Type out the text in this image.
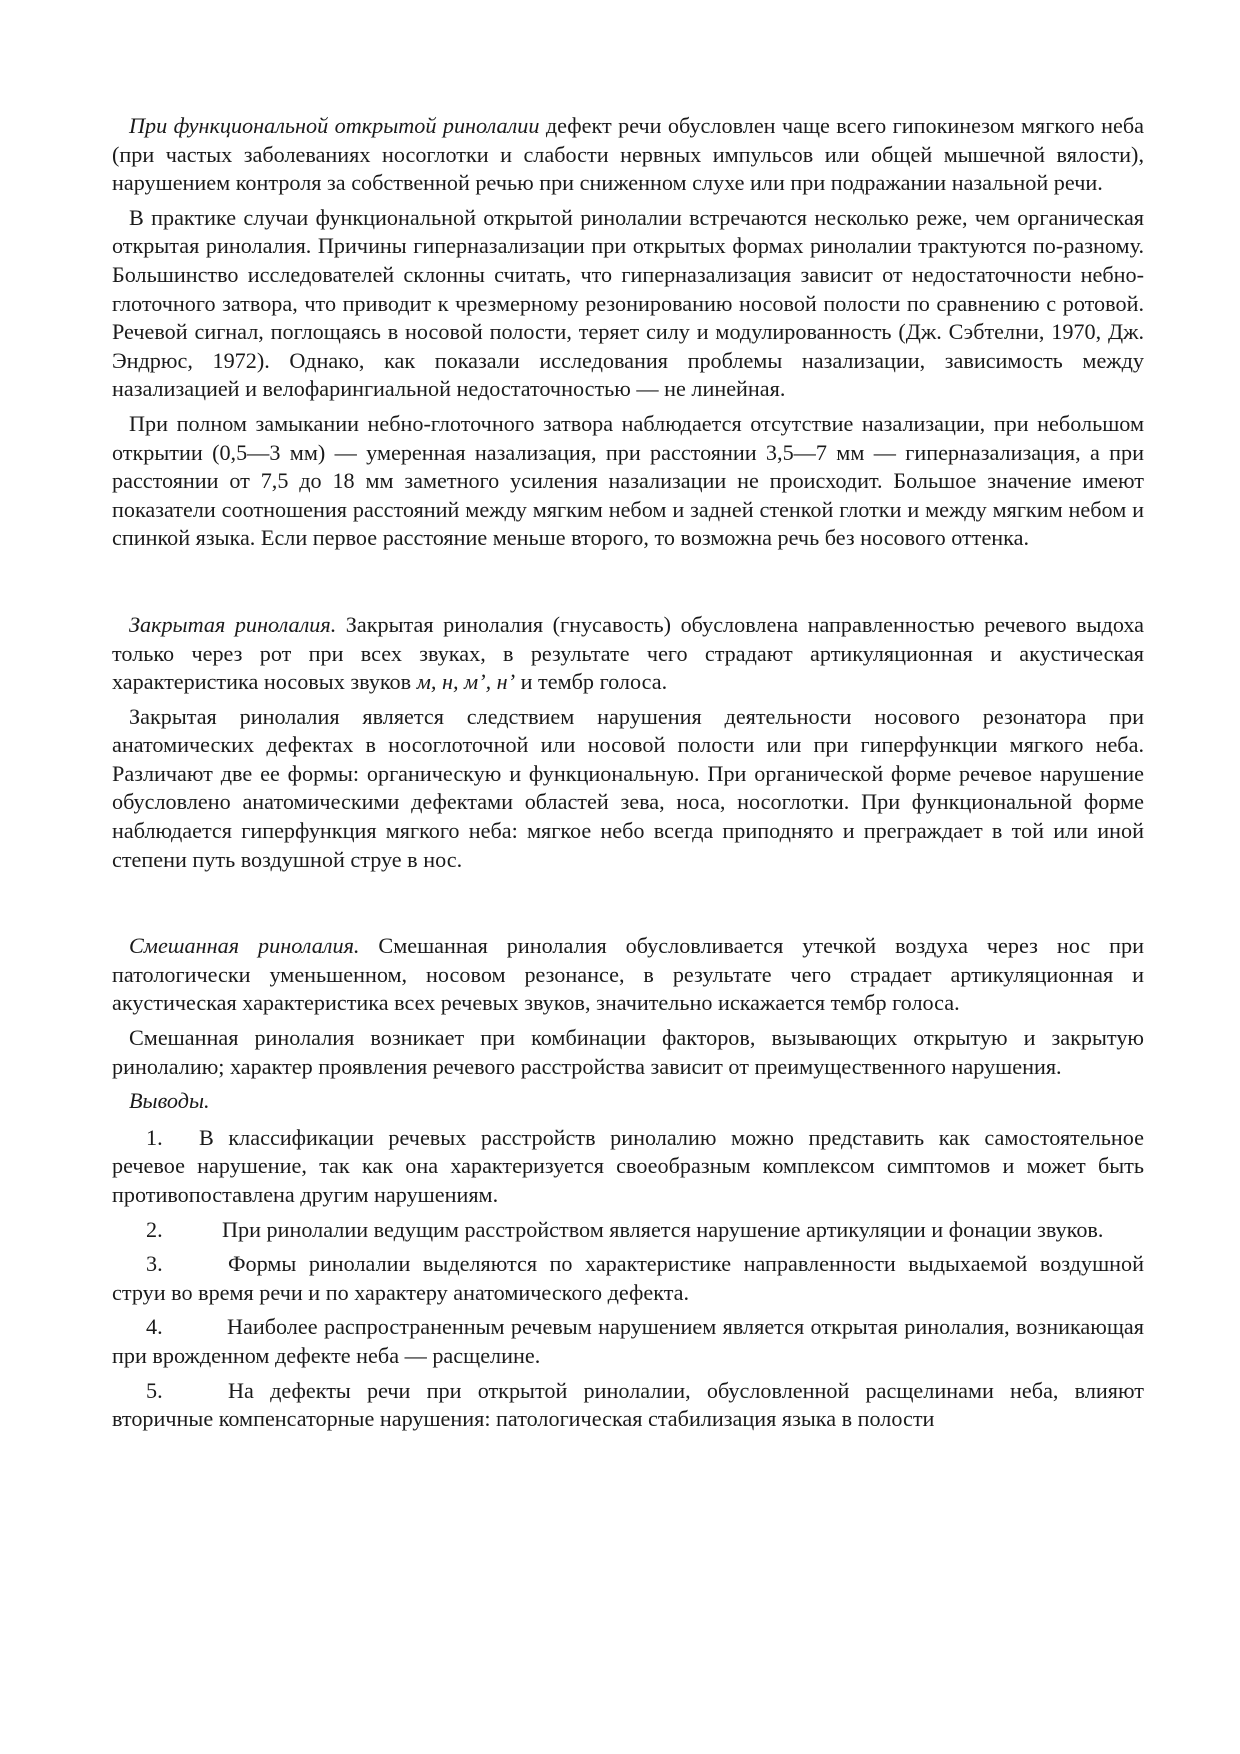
При функциональной открытой ринолалии дефект речи обусловлен чаще всего гипокинезом мягкого неба (при частых заболеваниях носоглотки и слабости нервных импульсов или общей мышечной вялости), нарушением контроля за собственной речью при сниженном слухе или при подражании назальной речи.

В практике случаи функциональной открытой ринолалии встречаются несколько реже, чем органическая открытая ринолалия. Причины гиперназализации при открытых формах ринолалии трактуются по-разному. Большинство исследователей склонны считать, что гиперназализация зависит от недостаточности небно-глоточного затвора, что приводит к чрезмерному резонированию носовой полости по сравнению с ротовой. Речевой сигнал, поглощаясь в носовой полости, теряет силу и модулированность (Дж. Сэбтелни, 1970, Дж. Эндрюс, 1972). Однако, как показали исследования проблемы назализации, зависимость между назализацией и велофарингиальной недостаточностью — не линейная.

При полном замыкании небно-глоточного затвора наблюдается отсутствие назализации, при небольшом открытии (0,5—3 мм) — умеренная назализация, при расстоянии 3,5—7 мм — гиперназализация, а при расстоянии от 7,5 до 18 мм заметного усиления назализации не происходит. Большое значение имеют показатели соотношения расстояний между мягким небом и задней стенкой глотки и между мягким небом и спинкой языка. Если первое расстояние меньше второго, то возможна речь без носового оттенка.

Закрытая ринолалия. Закрытая ринолалия (гнусавость) обусловлена направленностью речевого выдоха только через рот при всех звуках, в результате чего страдают артикуляционная и акустическая характеристика носовых звуков м, н, м’, н’ и тембр голоса.

Закрытая ринолалия является следствием нарушения деятельности носового резонатора при анатомических дефектах в носоглоточной или носовой полости или при гиперфункции мягкого неба. Различают две ее формы: органическую и функциональную. При органической форме речевое нарушение обусловлено анатомическими дефектами областей зева, носа, носоглотки. При функциональной форме наблюдается гиперфункция мягкого неба: мягкое небо всегда приподнято и преграждает в той или иной степени путь воздушной струе в нос.

Смешанная ринолалия. Смешанная ринолалия обусловливается утечкой воздуха через нос при патологически уменьшенном, носовом резонансе, в результате чего страдает артикуляционная и акустическая характеристика всех речевых звуков, значительно искажается тембр голоса.

Смешанная ринолалия возникает при комбинации факторов, вызывающих открытую и закрытую ринолалию; характер проявления речевого расстройства зависит от преимущественного нарушения.

Выводы.

1. В классификации речевых расстройств ринолалию можно представить как самостоятельное речевое нарушение, так как она характеризуется своеобразным комплексом симптомов и может быть противопоставлена другим нарушениям.

2.	При ринолалии ведущим расстройством является нарушение артикуляции и фонации звуков.

3.	Формы ринолалии выделяются по характеристике направленности выдыхаемой воздушной струи во время речи и по характеру анатомического дефекта.

4.	Наиболее распространенным речевым нарушением является открытая ринолалия, возникающая при врожденном дефекте неба — расщелине.

5.	На дефекты речи при открытой ринолалии, обусловленной расщелинами неба, влияют вторичные компенсаторные нарушения: патологическая стабилизация языка в полости
